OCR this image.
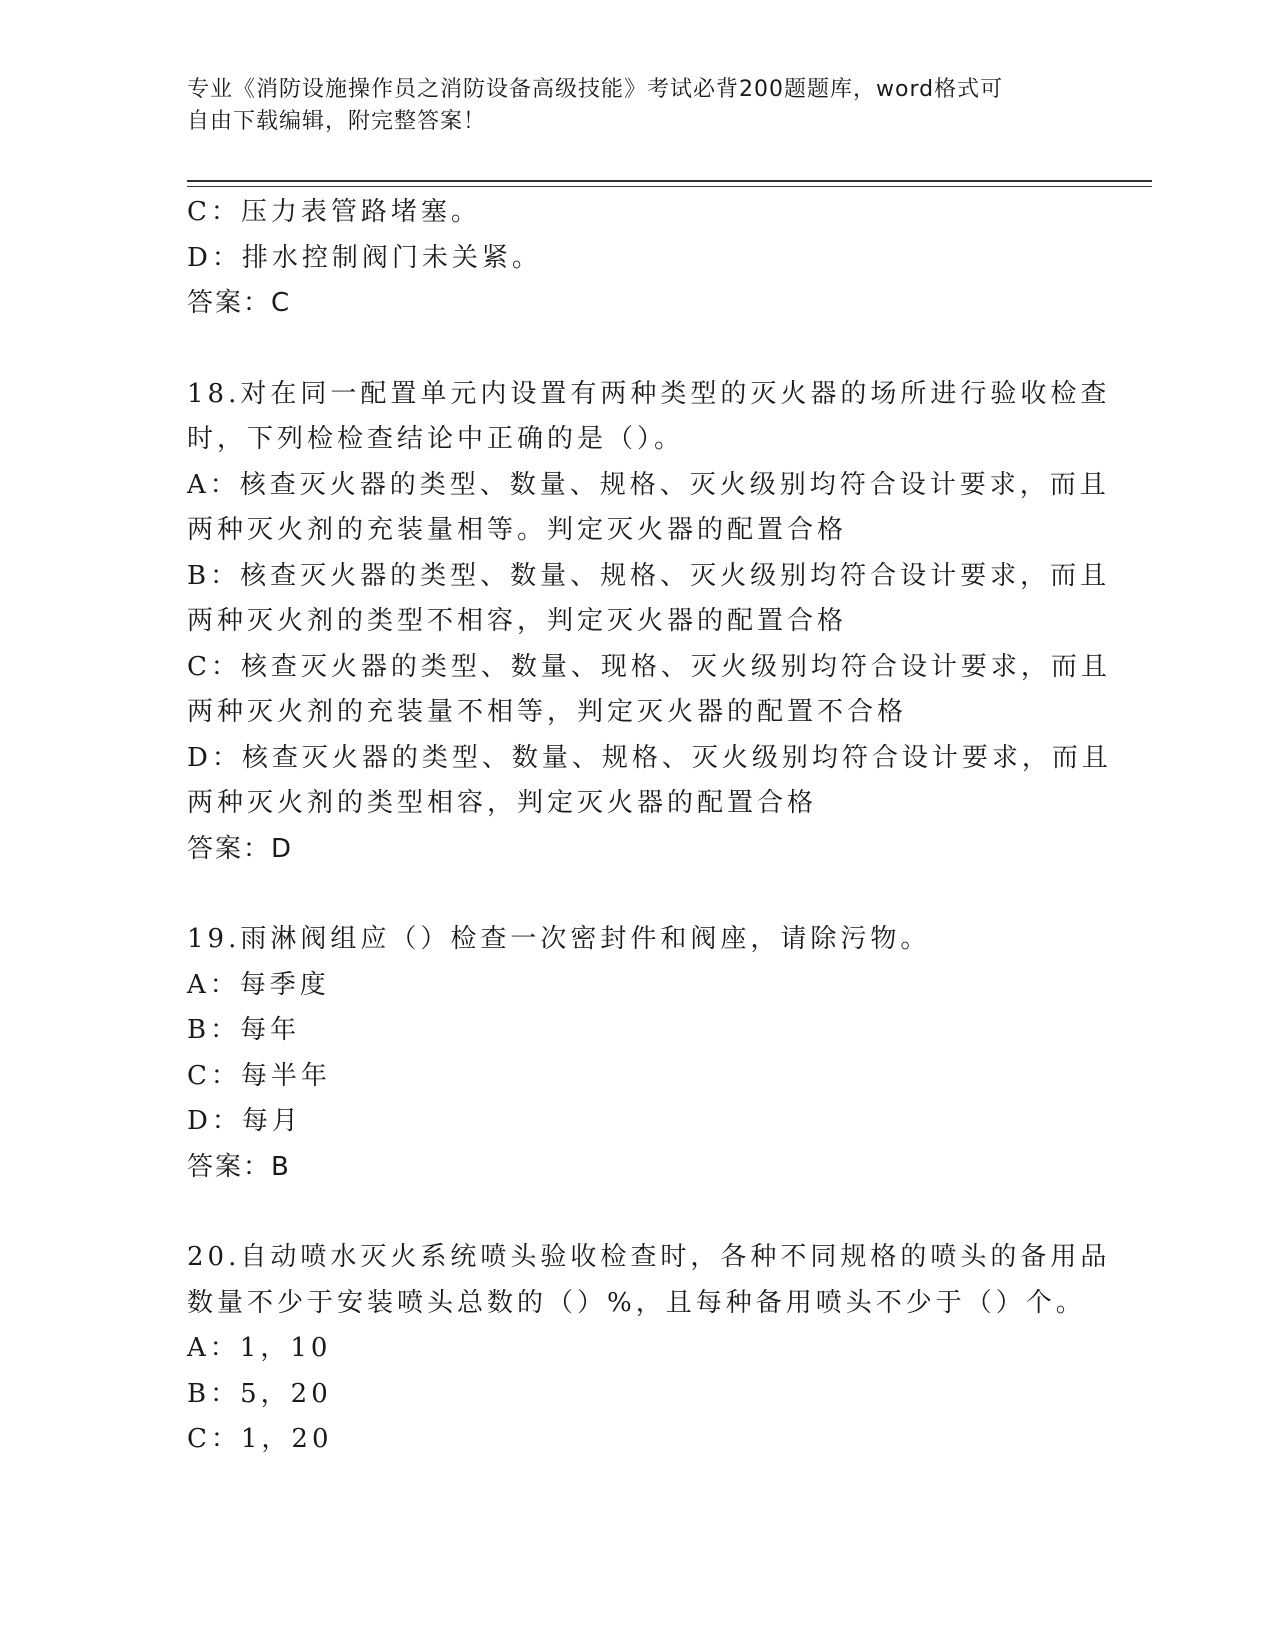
专业《消防设施操作员之消防设备高级技能》考试必背200题题库，word格式可
自由下载编辑，附完整答案！
C：压力表管路堵塞。
D：排水控制阀门未关紧。
答案：C
18.对在同一配置单元内设置有两种类型的灭火器的场所进行验收检查
时，下列检检查结论中正确的是（）。
A：核查灭火器的类型、数量、规格、灭火级别均符合设计要求，而且
两种灭火剂的充装量相等。判定灭火器的配置合格
B：核查灭火器的类型、数量、规格、灭火级别均符合设计要求，而且
两种灭火剂的类型不相容，判定灭火器的配置合格
C：核查灭火器的类型、数量、现格、灭火级别均符合设计要求，而且
两种灭火剂的充装量不相等，判定灭火器的配置不合格
D：核查灭火器的类型、数量、规格、灭火级别均符合设计要求，而且
两种灭火剂的类型相容，判定灭火器的配置合格
答案：D
19.雨淋阀组应（）检查一次密封件和阀座，请除污物。
A：每季度
B：每年
C：每半年
D：每月
答案：B
20.自动喷水灭火系统喷头验收检查时，各种不同规格的喷头的备用品
数量不少于安装喷头总数的（）%，且每种备用喷头不少于（）个。
A：1，10
B：5，20
C：1，20
